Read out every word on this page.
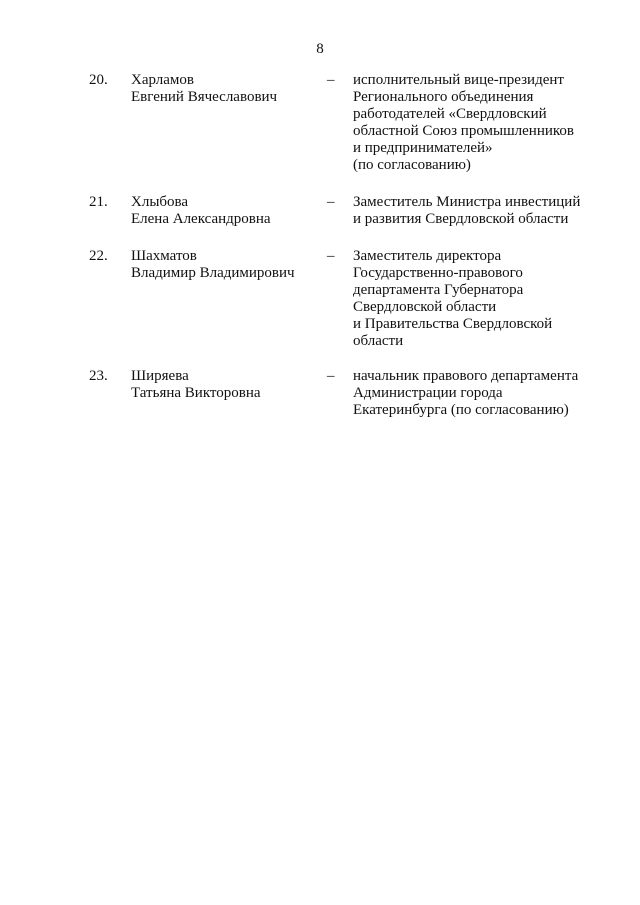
8
20. Харламов
Евгений Вячеславович
– исполнительный вице-президент
Регионального объединения
работодателей «Свердловский
областной Союз промышленников
и предпринимателей»
(по согласованию)
21. Хлыбова
Елена Александровна
– Заместитель Министра инвестиций
и развития Свердловской области
22. Шахматов
Владимир Владимирович
– Заместитель директора
Государственно-правового
департамента Губернатора
Свердловской области
и Правительства Свердловской
области
23. Ширяева
Татьяна Викторовна
– начальник правового департамента
Администрации города
Екатеринбурга (по согласованию)
